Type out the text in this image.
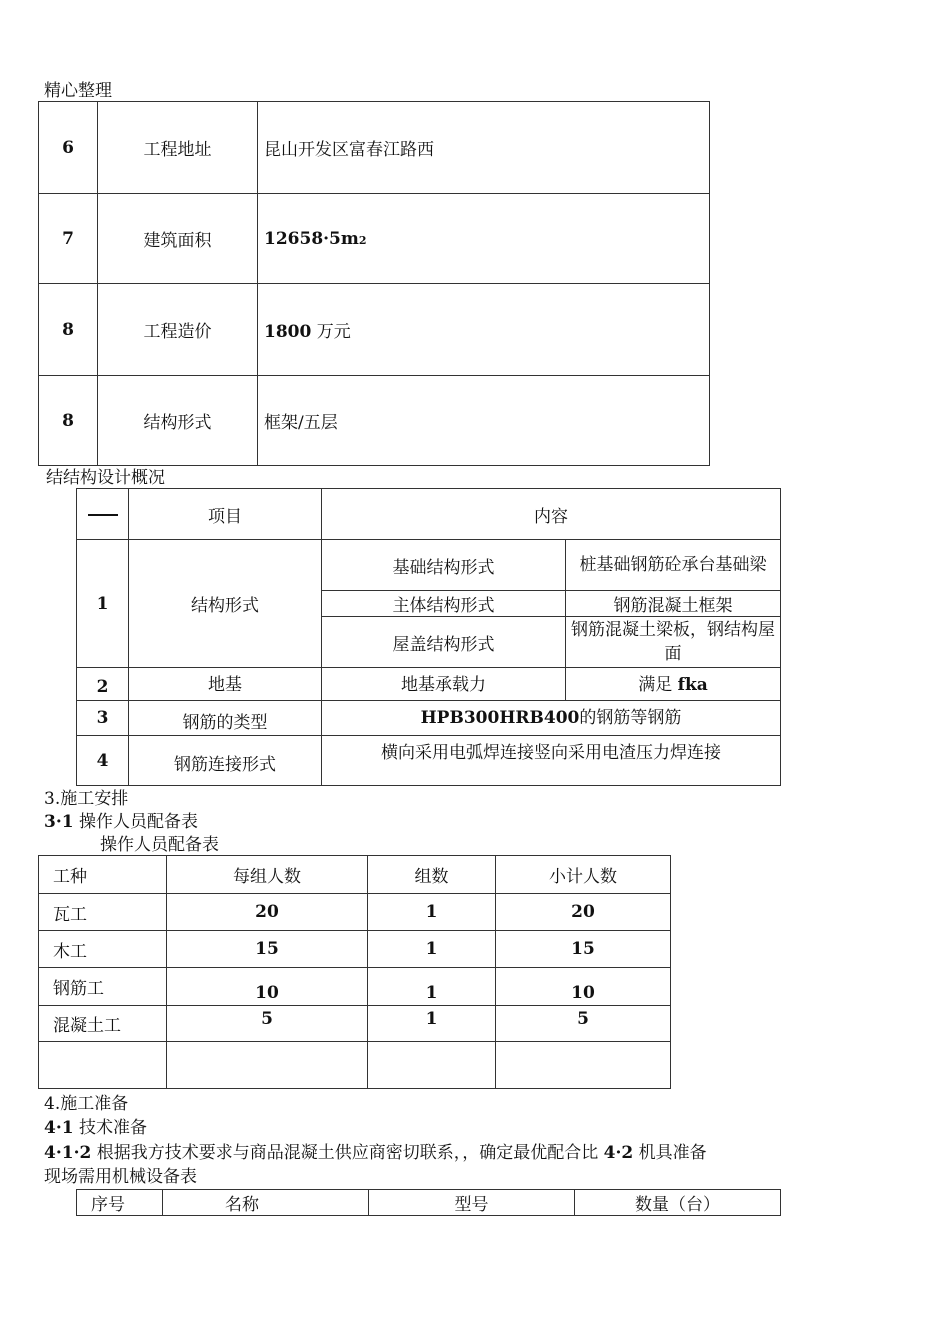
精心整理
6	工程地址	昆山开发区富春江路西
7	建筑面积	12658·5m2
8	工程造价	1800 万元
8	结构形式	框架/五层
结结构设计概况
	项目	内容	
1	结构形式	基础结构形式	桩基础钢筋砼承台基础梁
		主体结构形式	钢筋混凝土框架
		屋盖结构形式	钢筋混凝土梁板，钢结构屋面
2	地基	地基承载力	满足 fka
3	钢筋的类型	HPB300HRB400的钢筋等钢筋	
4	钢筋连接形式	横向采用电弧焊连接竖向采用电渣压力焊连接	
3.施工安排
3·1 操作人员配备表
操作人员配备表
工种	每组人数	组数	小计人数
瓦工	20	1	20
木工	15	1	15
钢筋工	10	1	10
混凝土工	5	1	5

4.施工准备
4·1 技术准备
4·1·2 根据我方技术要求与商品混凝土供应商密切联系，，确定最优配合比 4·2 机具准备
现场需用机械设备表
序号	名称	型号	数量（台）
